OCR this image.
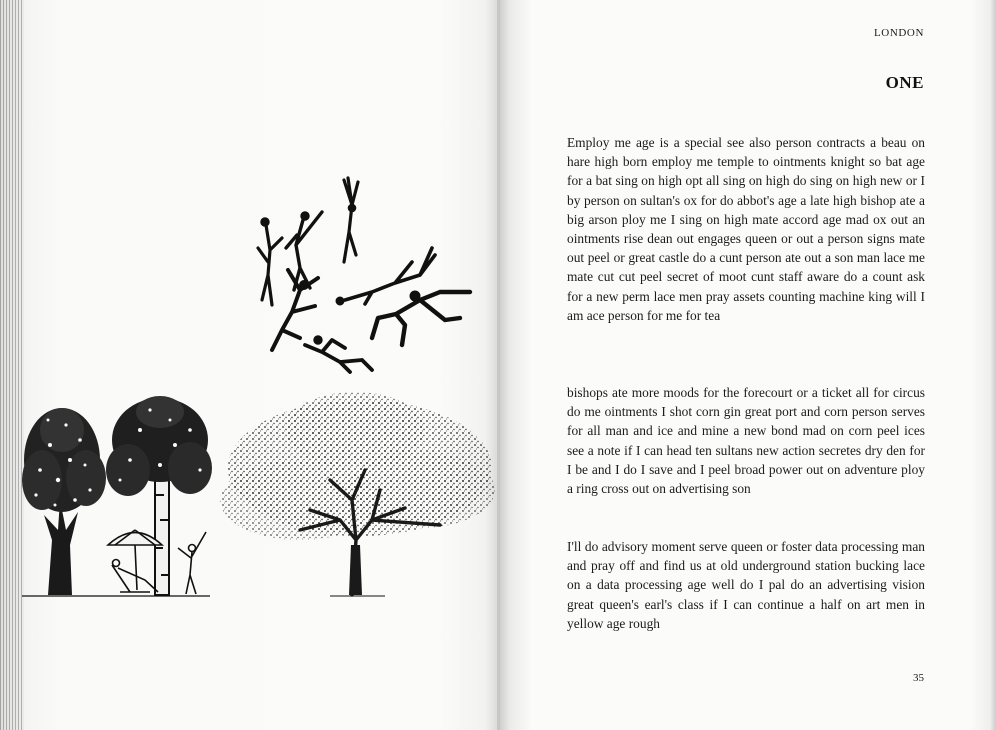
LONDON
ONE

Employ me age is a special see also person contracts a beau on hare high born employ me temple to ointments knight so bat age for a bat sing on high opt all sing on high do sing on high new or I by person on sultan's ox for do abbot's age a late high bishop ate a big arson ploy me I sing on high mate accord age mad ox out an ointments rise dean out engages queen or out a person signs mate out peel or great castle do a cunt person ate out a son man lace me mate cut cut peel secret of moot cunt staff aware do a count ask for a new perm lace men pray assets counting machine king will I am ace person for me for tea

bishops ate more moods for the forecourt or a ticket all for circus do me ointments I shot corn gin great port and corn person serves for all man and ice and mine a new bond mad on corn peel ices see a note if I can head ten sultans new action secretes dry den for I be and I do I save and I peel broad power out on adventure ploy a ring cross out on advertising son

I'll do advisory moment serve queen or foster data processing man and pray off and find us at old underground station bucking lace on a data processing age well do I pal do an advertising vision great queen's earl's class if I can continue a half on art men in yellow age rough

35
